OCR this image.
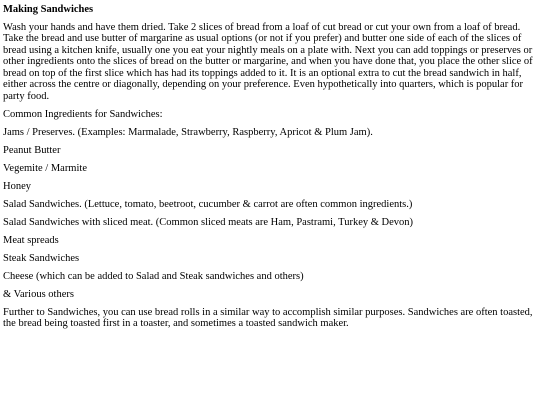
Making Sandwiches

Wash your hands and have them dried. Take 2 slices of bread from a loaf of cut bread or cut your own from a loaf of bread. Take the bread and use butter of margarine as usual options (or not if you prefer) and butter one side of each of the slices of bread using a kitchen knife, usually one you eat your nightly meals on a plate with. Next you can add toppings or preserves or other ingredients onto the slices of bread on the butter or margarine, and when you have done that, you place the other slice of bread on top of the first slice which has had its toppings added to it. It is an optional extra to cut the bread sandwich in half, either across the centre or diagonally, depending on your preference. Even hypothetically into quarters, which is popular for party food.

Common Ingredients for Sandwiches:

Jams / Preserves. (Examples: Marmalade, Strawberry, Raspberry, Apricot & Plum Jam).

Peanut Butter

Vegemite / Marmite

Honey

Salad Sandwiches. (Lettuce, tomato, beetroot, cucumber & carrot are often common ingredients.)

Salad Sandwiches with sliced meat. (Common sliced meats are Ham, Pastrami, Turkey & Devon)

Meat spreads

Steak Sandwiches

Cheese (which can be added to Salad and Steak sandwiches and others)

& Various others

Further to Sandwiches, you can use bread rolls in a similar way to accomplish similar purposes. Sandwiches are often toasted, the bread being toasted first in a toaster, and sometimes a toasted sandwich maker.
